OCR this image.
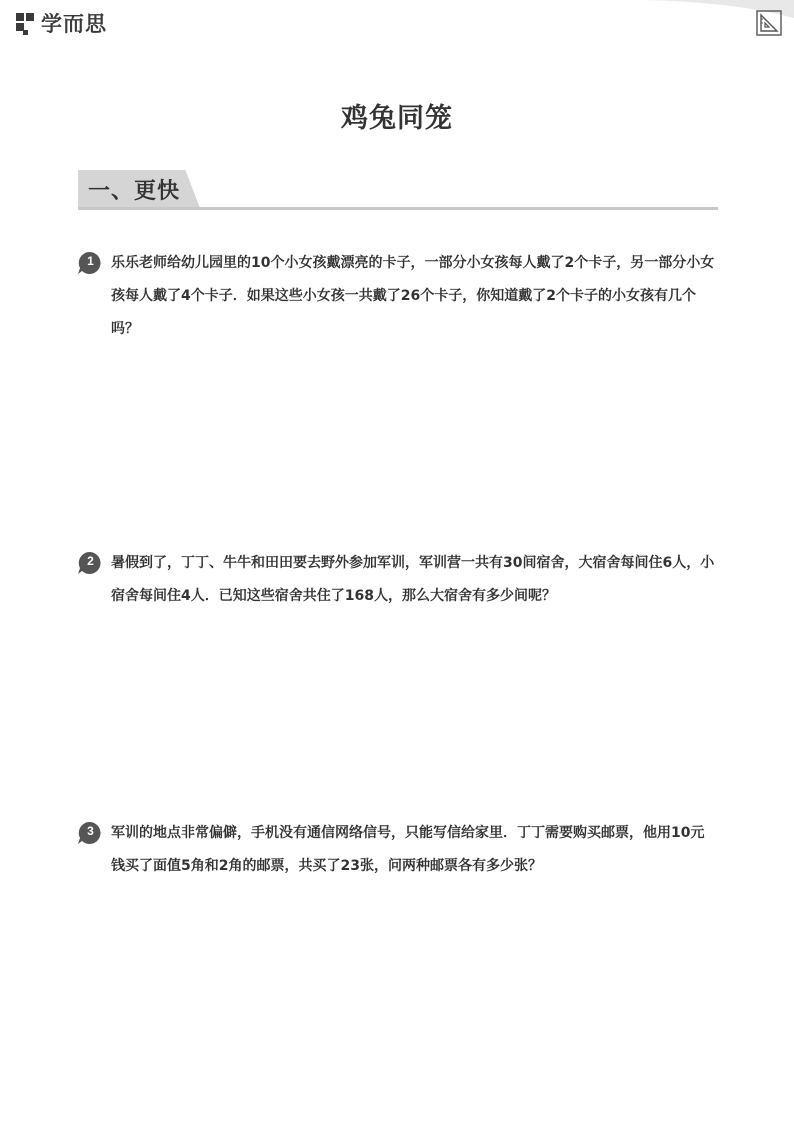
学而思
鸡兔同笼
一、更快
1	乐乐老师给幼儿园里的10个小女孩戴漂亮的卡子，一部分小女孩每人戴了2个卡子，另一部分小女孩每人戴了4个卡子．如果这些小女孩一共戴了26个卡子，你知道戴了2个卡子的小女孩有几个吗？
2	暑假到了，丁丁、牛牛和田田要去野外参加军训，军训营一共有30间宿舍，大宿舍每间住6人，小宿舍每间住4人．已知这些宿舍共住了168人，那么大宿舍有多少间呢？
3	军训的地点非常偏僻，手机没有通信网络信号，只能写信给家里．丁丁需要购买邮票，他用10元钱买了面值5角和2角的邮票，共买了23张，问两种邮票各有多少张？
